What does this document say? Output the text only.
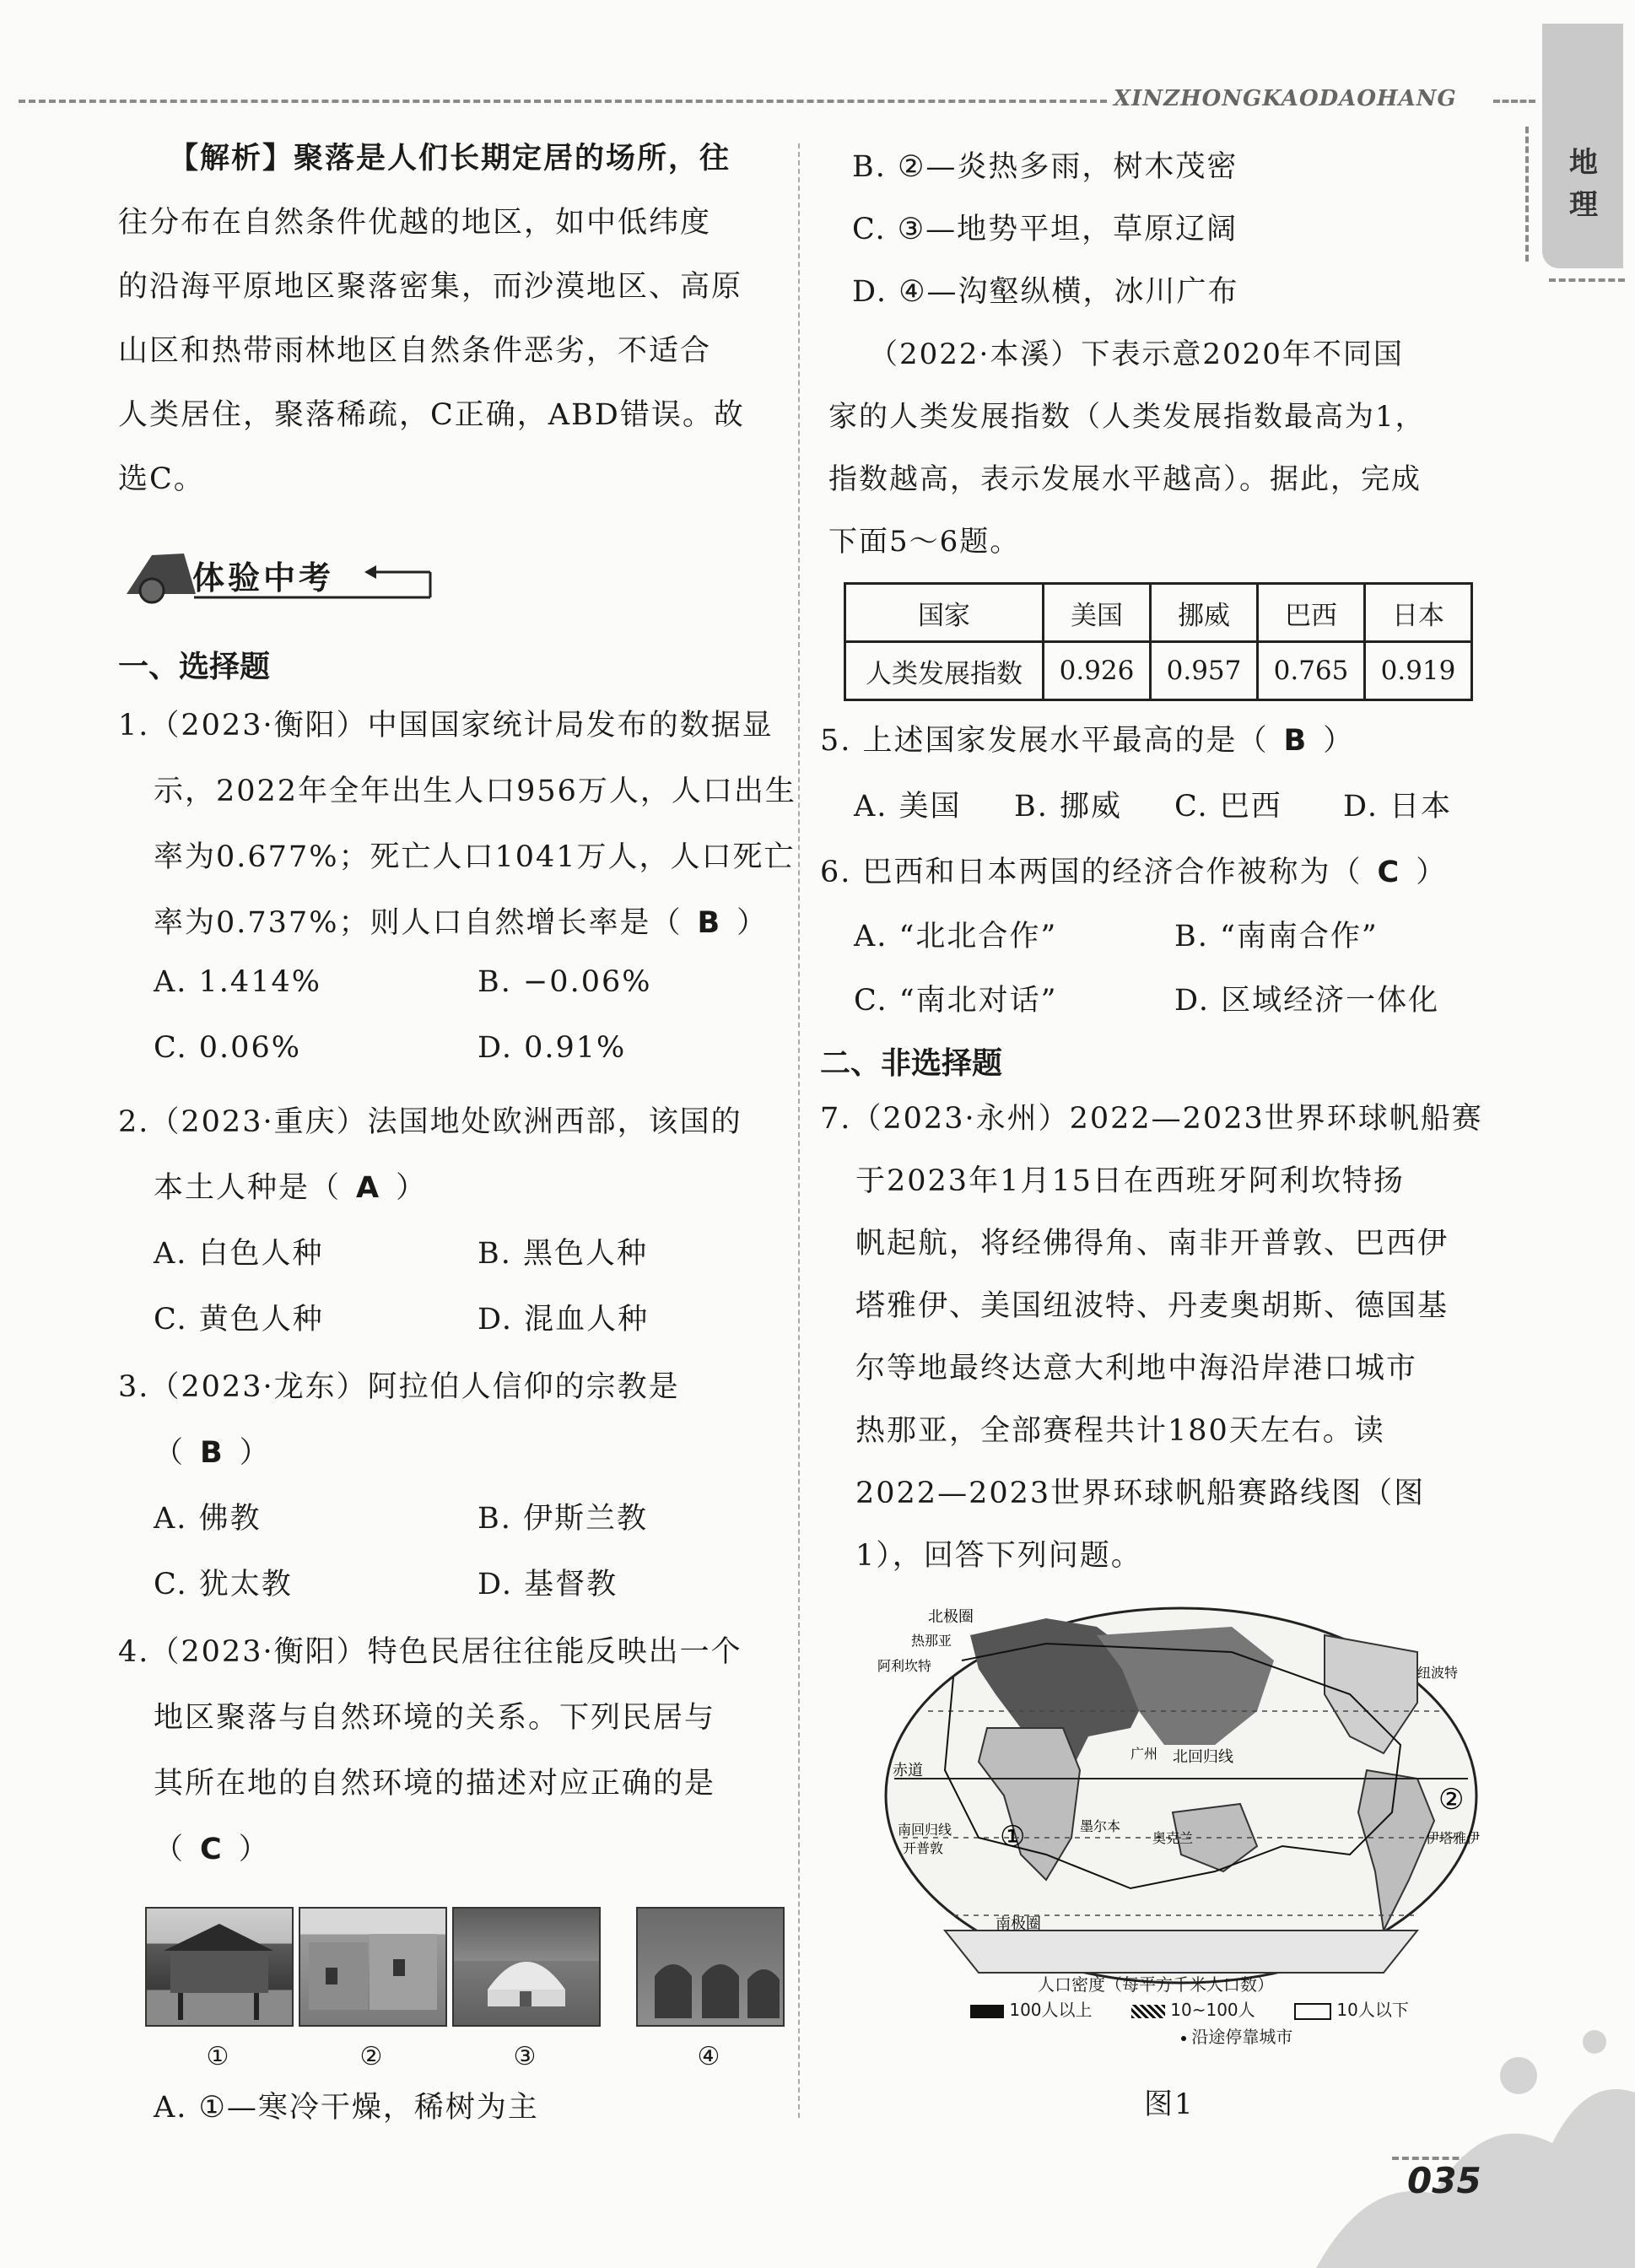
XINZHONGKAODAOHANG
地理
【解析】聚落是人们长期定居的场所，往
往分布在自然条件优越的地区，如中低纬度
的沿海平原地区聚落密集，而沙漠地区、高原
山区和热带雨林地区自然条件恶劣，不适合
人类居住，聚落稀疏，C正确，ABD错误。故
选C。
体验中考
一、选择题
1.（2023·衡阳）中国国家统计局发布的数据显
示，2022年全年出生人口956万人，人口出生
率为0.677%；死亡人口1041万人，人口死亡
率为0.737%；则人口自然增长率是（ B ）
A. 1.414%	B. −0.06%
C. 0.06%	D. 0.91%
2.（2023·重庆）法国地处欧洲西部，该国的
本土人种是（ A ）
A. 白色人种	B. 黑色人种
C. 黄色人种	D. 混血人种
3.（2023·龙东）阿拉伯人信仰的宗教是
（ B ）
A. 佛教	B. 伊斯兰教
C. 犹太教	D. 基督教
4.（2023·衡阳）特色民居往往能反映出一个
地区聚落与自然环境的关系。下列民居与
其所在地的自然环境的描述对应正确的是
（ C ）
①	②	③	④
A. ①—寒冷干燥，稀树为主
B. ②—炎热多雨，树木茂密
C. ③—地势平坦，草原辽阔
D. ④—沟壑纵横，冰川广布
（2022·本溪）下表示意2020年不同国
家的人类发展指数（人类发展指数最高为1，
指数越高，表示发展水平越高）。据此，完成
下面5～6题。
国家	美国	挪威	巴西	日本
人类发展指数	0.926	0.957	0.765	0.919
5. 上述国家发展水平最高的是（ B ）
A. 美国 B. 挪威 C. 巴西 D. 日本
6. 巴西和日本两国的经济合作被称为（ C ）
A. “北北合作”	B. “南南合作”
C. “南北对话”	D. 区域经济一体化
二、非选择题
7.（2023·永州）2022—2023世界环球帆船赛
于2023年1月15日在西班牙阿利坎特扬
帆起航，将经佛得角、南非开普敦、巴西伊
塔雅伊、美国纽波特、丹麦奥胡斯、德国基
尔等地最终达意大利地中海沿岸港口城市
热那亚，全部赛程共计180天左右。读
2022—2023世界环球帆船赛路线图（图
1），回答下列问题。
北极圈
热那亚
阿利坎特	纽波特
广州 北回归线
赤道
南回归线
开普敦
墨尔本
奥克兰	伊塔雅伊
南极圈
①
②
人口密度（每平方千米人口数）
100人以上	10~100人	10人以下
沿途停靠城市
图1
035
